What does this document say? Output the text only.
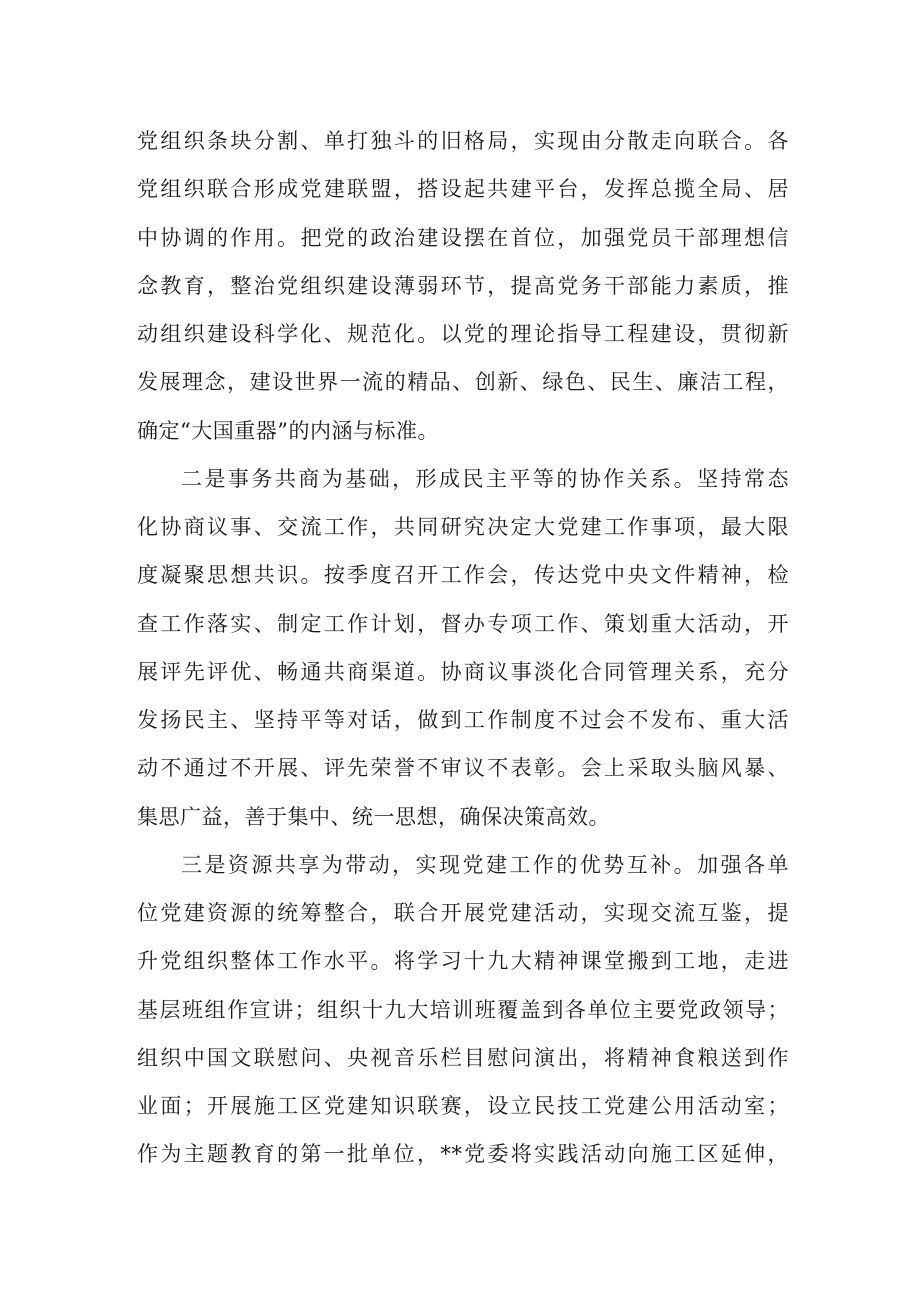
党组织条块分割、单打独斗的旧格局，实现由分散走向联合。各
党组织联合形成党建联盟，搭设起共建平台，发挥总揽全局、居
中协调的作用。把党的政治建设摆在首位，加强党员干部理想信
念教育，整治党组织建设薄弱环节，提高党务干部能力素质，推
动组织建设科学化、规范化。以党的理论指导工程建设，贯彻新
发展理念，建设世界一流的精品、创新、绿色、民生、廉洁工程，
确定“大国重器”的内涵与标准。
二是事务共商为基础，形成民主平等的协作关系。坚持常态
化协商议事、交流工作，共同研究决定大党建工作事项，最大限
度凝聚思想共识。按季度召开工作会，传达党中央文件精神，检
查工作落实、制定工作计划，督办专项工作、策划重大活动，开
展评先评优、畅通共商渠道。协商议事淡化合同管理关系，充分
发扬民主、坚持平等对话，做到工作制度不过会不发布、重大活
动不通过不开展、评先荣誉不审议不表彰。会上采取头脑风暴、
集思广益，善于集中、统一思想，确保决策高效。
三是资源共享为带动，实现党建工作的优势互补。加强各单
位党建资源的统筹整合，联合开展党建活动，实现交流互鉴，提
升党组织整体工作水平。将学习十九大精神课堂搬到工地，走进
基层班组作宣讲；组织十九大培训班覆盖到各单位主要党政领导；
组织中国文联慰问、央视音乐栏目慰问演出，将精神食粮送到作
业面；开展施工区党建知识联赛，设立民技工党建公用活动室；
作为主题教育的第一批单位，**党委将实践活动向施工区延伸，
